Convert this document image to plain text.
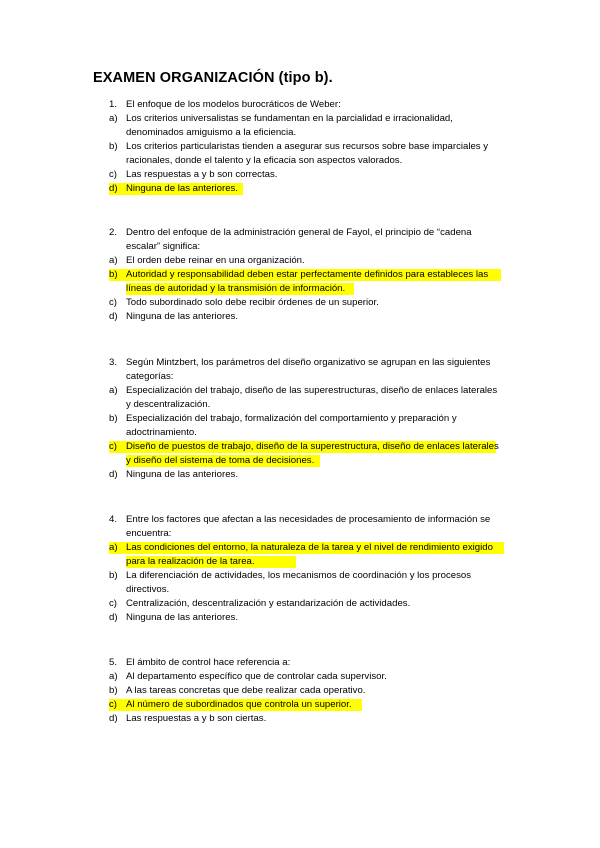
EXAMEN ORGANIZACIÓN (tipo b).
1. El enfoque de los modelos burocráticos de Weber:
a) Los criterios universalistas se fundamentan en la parcialidad e irracionalidad,
denominados amiguismo a la eficiencia.
b) Los criterios particularistas tienden a asegurar sus recursos sobre base imparciales y
racionales, donde el talento y la eficacia son aspectos valorados.
c) Las respuestas a y b son correctas.
d) Ninguna de las anteriores.
2. Dentro del enfoque de la administración general de Fayol, el principio de “cadena
escalar” significa:
a) El orden debe reinar en una organización.
b) Autoridad y responsabilidad deben estar perfectamente definidos para estableces las
líneas de autoridad y la transmisión de información.
c) Todo subordinado solo debe recibir órdenes de un superior.
d) Ninguna de las anteriores.
3. Según Mintzbert, los parámetros del diseño organizativo se agrupan en las siguientes
categorías:
a) Especialización del trabajo, diseño de las superestructuras, diseño de enlaces laterales
y descentralización.
b) Especialización del trabajo, formalización del comportamiento y preparación y
adoctrinamiento.
c) Diseño de puestos de trabajo, diseño de la superestructura, diseño de enlaces laterales
y diseño del sistema de toma de decisiones.
d) Ninguna de las anteriores.
4. Entre los factores que afectan a las necesidades de procesamiento de información se
encuentra:
a) Las condiciones del entorno, la naturaleza de la tarea y el nivel de rendimiento exigido
para la realización de la tarea.
b) La diferenciación de actividades, los mecanismos de coordinación y los procesos
directivos.
c) Centralización, descentralización y estandarización de actividades.
d) Ninguna de las anteriores.
5. El ámbito de control hace referencia a:
a) Al departamento específico que de controlar cada supervisor.
b) A las tareas concretas que debe realizar cada operativo.
c) Al número de subordinados que controla un superior.
d) Las respuestas a y b son ciertas.
